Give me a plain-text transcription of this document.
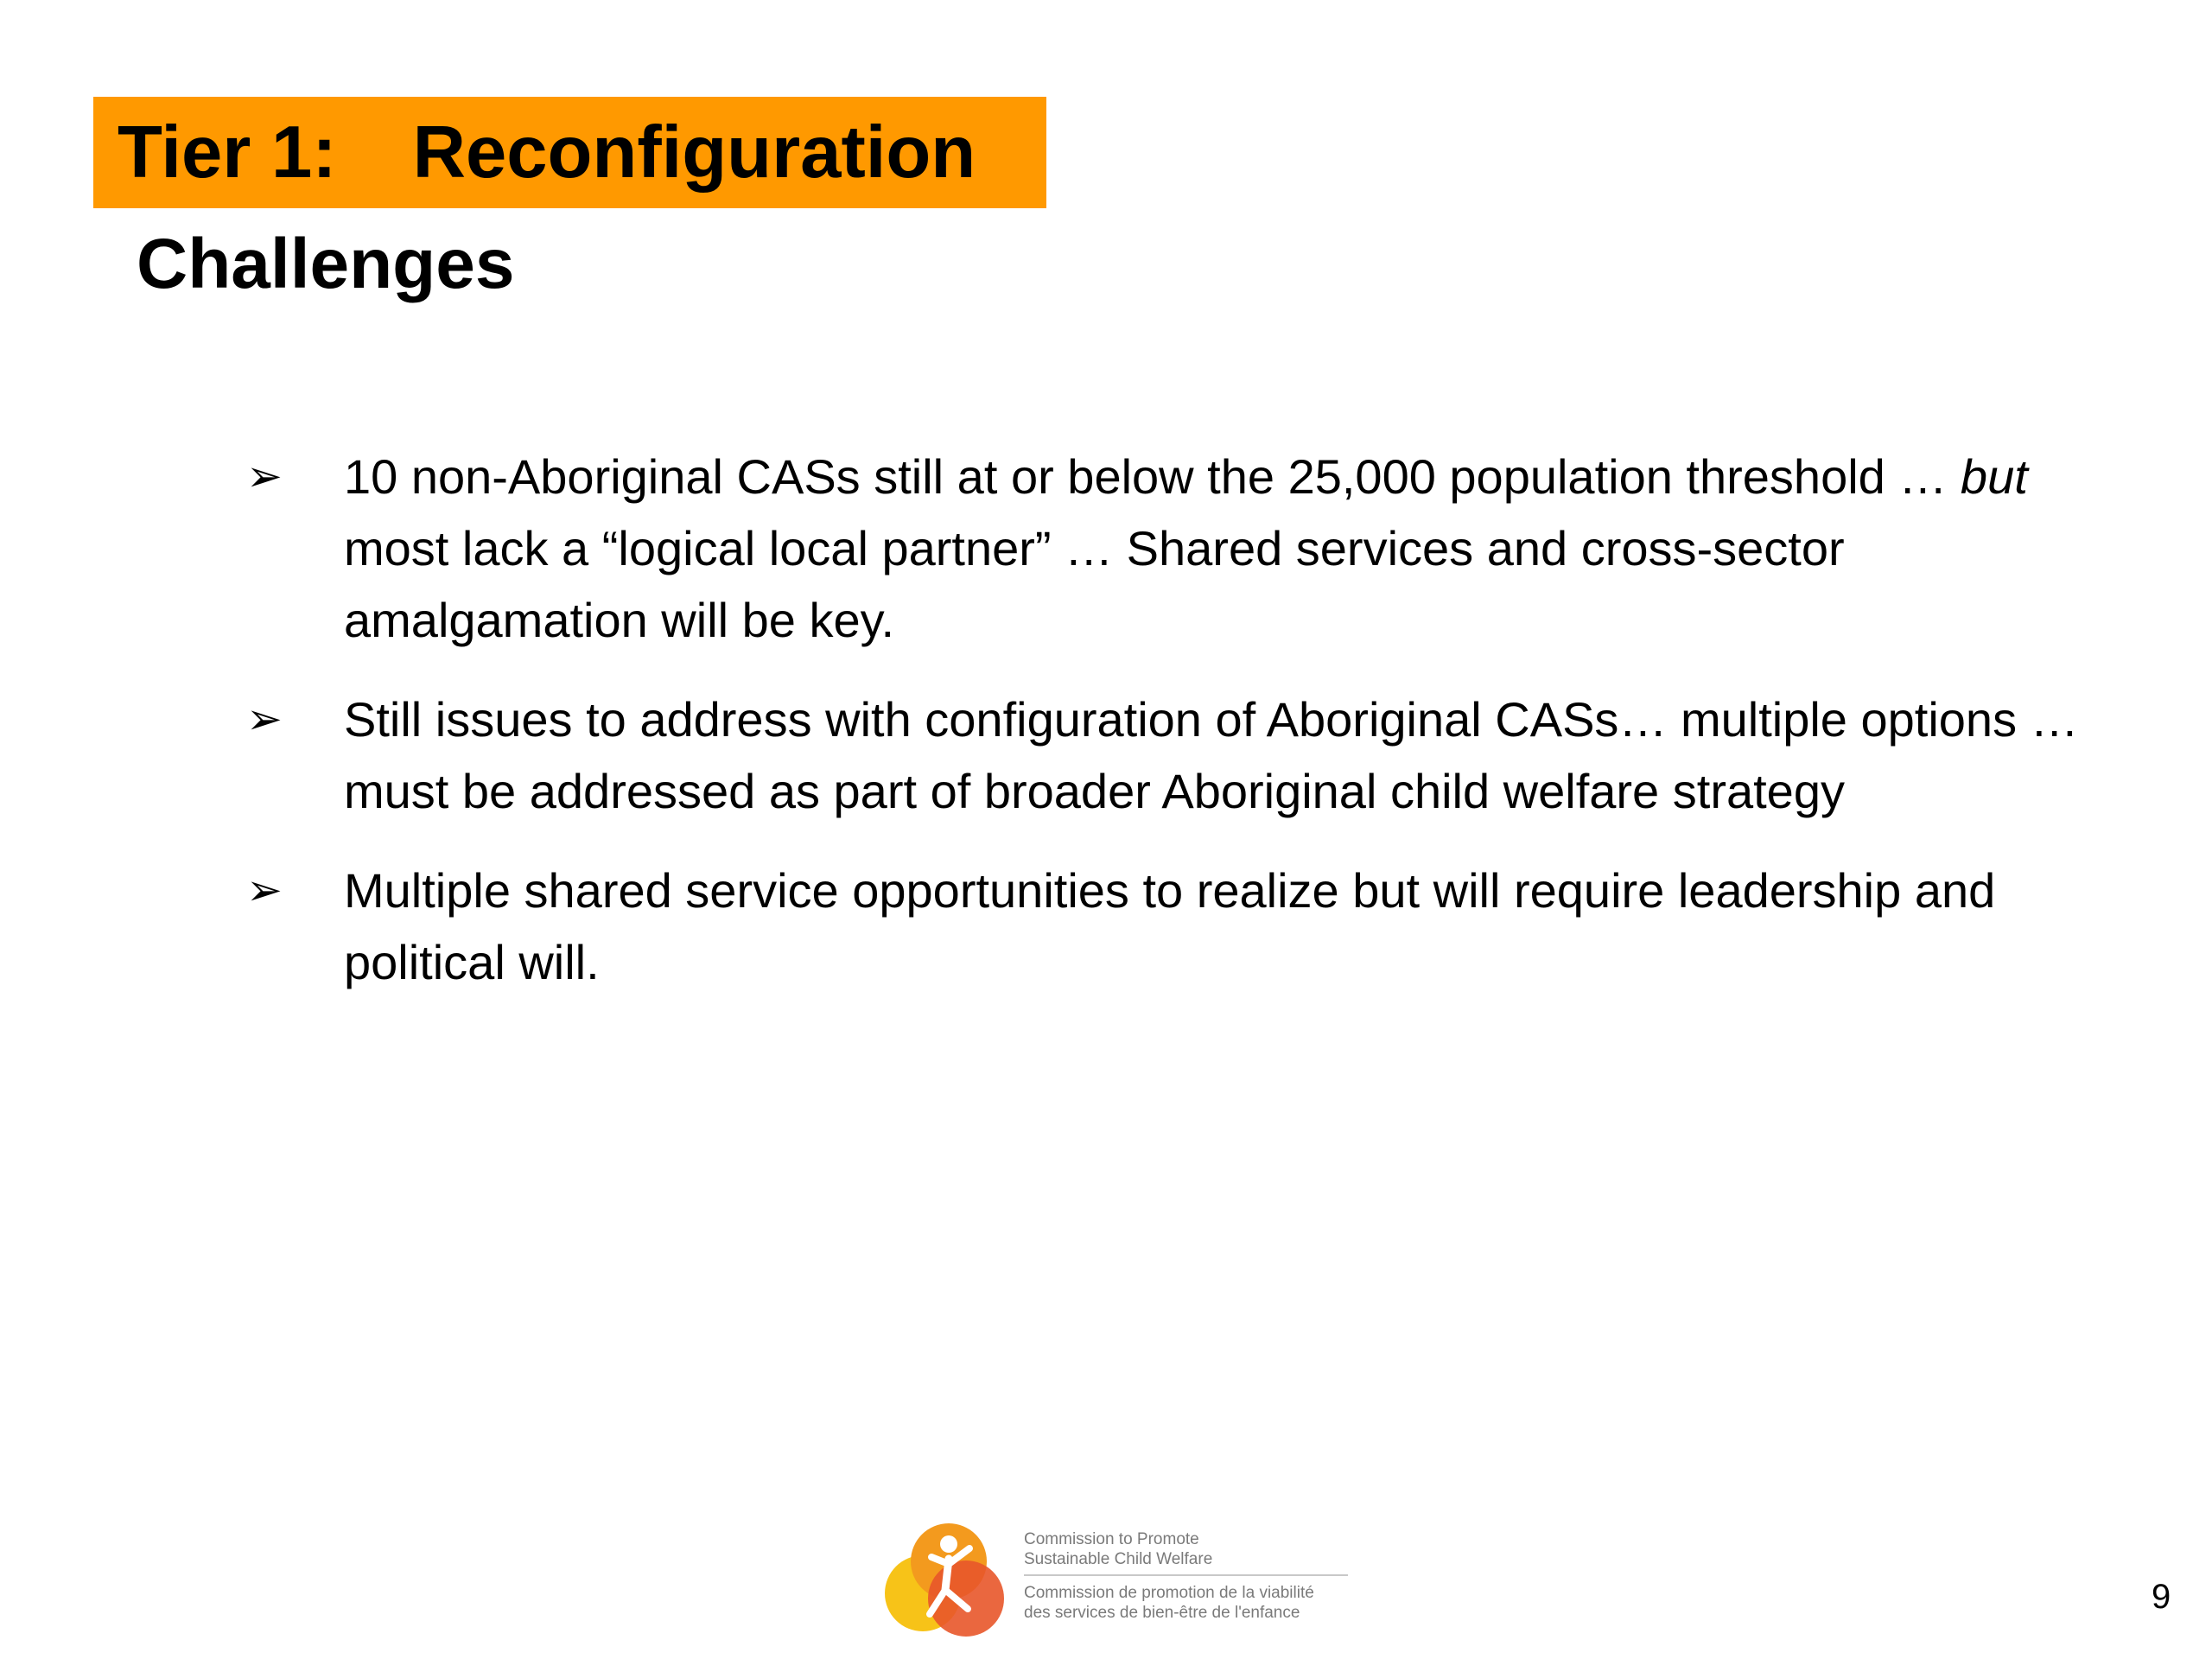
Tier 1: Reconfiguration
Challenges
➢	10 non-Aboriginal CASs still at or below the 25,000 population threshold … but most lack a “logical local partner” … Shared services and cross-sector amalgamation will be key.
➢	Still issues to address with configuration of Aboriginal CASs… multiple options … must be addressed as part of broader Aboriginal child welfare strategy
➢	Multiple shared service opportunities to realize but will require leadership and political will.
Commission to Promote
Sustainable Child Welfare
Commission de promotion de la viabilité
des services de bien-être de l'enfance	9
